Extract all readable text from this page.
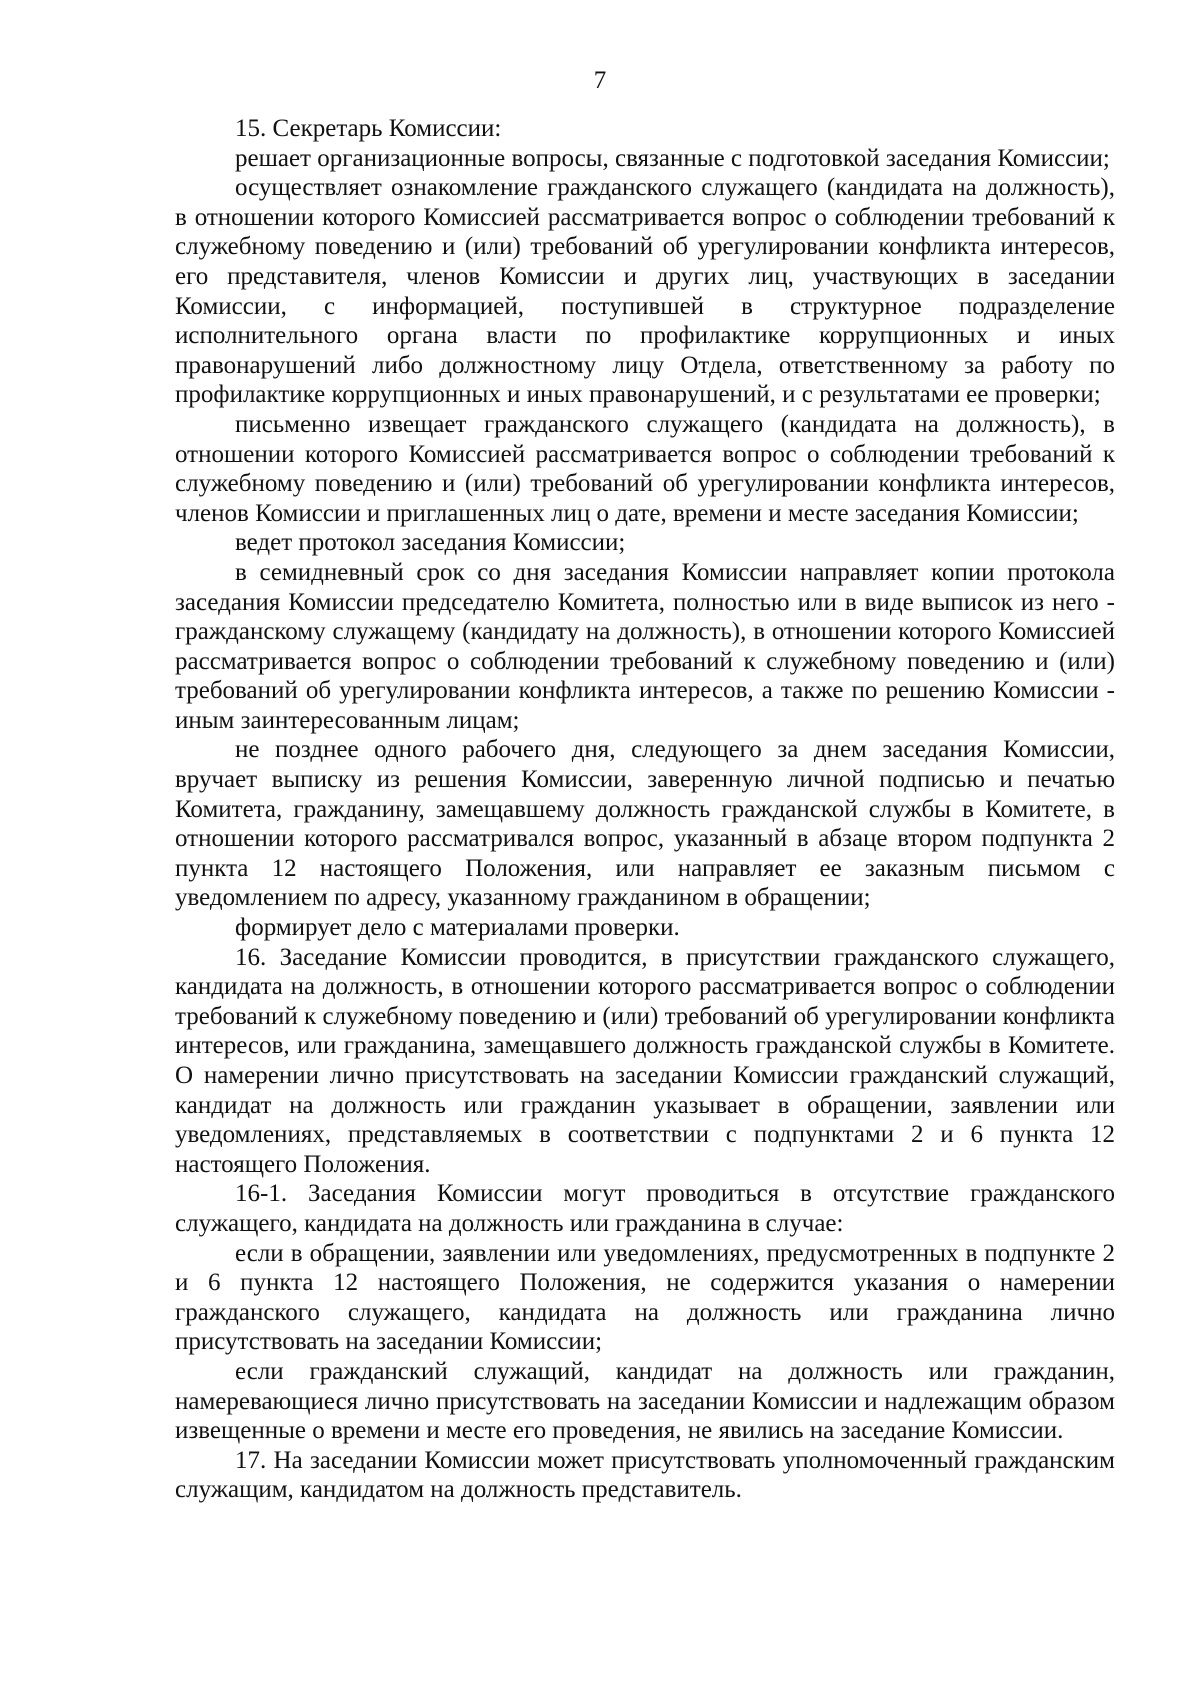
7

15. Секретарь Комиссии:

решает организационные вопросы, связанные с подготовкой заседания Комиссии;

осуществляет ознакомление гражданского служащего (кандидата на должность), в отношении которого Комиссией рассматривается вопрос о соблюдении требований к служебному поведению и (или) требований об урегулировании конфликта интересов, его представителя, членов Комиссии и других лиц, участвующих в заседании Комиссии, с информацией, поступившей в структурное подразделение исполнительного органа власти по профилактике коррупционных и иных правонарушений либо должностному лицу Отдела, ответственному за работу по профилактике коррупционных и иных правонарушений, и с результатами ее проверки;

письменно извещает гражданского служащего (кандидата на должность), в отношении которого Комиссией рассматривается вопрос о соблюдении требований к служебному поведению и (или) требований об урегулировании конфликта интересов, членов Комиссии и приглашенных лиц о дате, времени и месте заседания Комиссии;

ведет протокол заседания Комиссии;

в семидневный срок со дня заседания Комиссии направляет копии протокола заседания Комиссии председателю Комитета, полностью или в виде выписок из него - гражданскому служащему (кандидату на должность), в отношении которого Комиссией рассматривается вопрос о соблюдении требований к служебному поведению и (или) требований об урегулировании конфликта интересов, а также по решению Комиссии - иным заинтересованным лицам;

не позднее одного рабочего дня, следующего за днем заседания Комиссии, вручает выписку из решения Комиссии, заверенную личной подписью и печатью Комитета, гражданину, замещавшему должность гражданской службы в Комитете, в отношении которого рассматривался вопрос, указанный в абзаце втором подпункта 2 пункта 12 настоящего Положения, или направляет ее заказным письмом с уведомлением по адресу, указанному гражданином в обращении;

формирует дело с материалами проверки.

16. Заседание Комиссии проводится, в присутствии гражданского служащего, кандидата на должность, в отношении которого рассматривается вопрос о соблюдении требований к служебному поведению и (или) требований об урегулировании конфликта интересов, или гражданина, замещавшего должность гражданской службы в Комитете. О намерении лично присутствовать на заседании Комиссии гражданский служащий, кандидат на должность или гражданин указывает в обращении, заявлении или уведомлениях, представляемых в соответствии с подпунктами 2 и 6 пункта 12 настоящего Положения.

16-1. Заседания Комиссии могут проводиться в отсутствие гражданского служащего, кандидата на должность или гражданина в случае:

если в обращении, заявлении или уведомлениях, предусмотренных в подпункте 2 и 6 пункта 12 настоящего Положения, не содержится указания о намерении гражданского служащего, кандидата на должность или гражданина лично присутствовать на заседании Комиссии;

если гражданский служащий, кандидат на должность или гражданин, намеревающиеся лично присутствовать на заседании Комиссии и надлежащим образом извещенные о времени и месте его проведения, не явились на заседание Комиссии.

17. На заседании Комиссии может присутствовать уполномоченный гражданским служащим, кандидатом на должность представитель.
